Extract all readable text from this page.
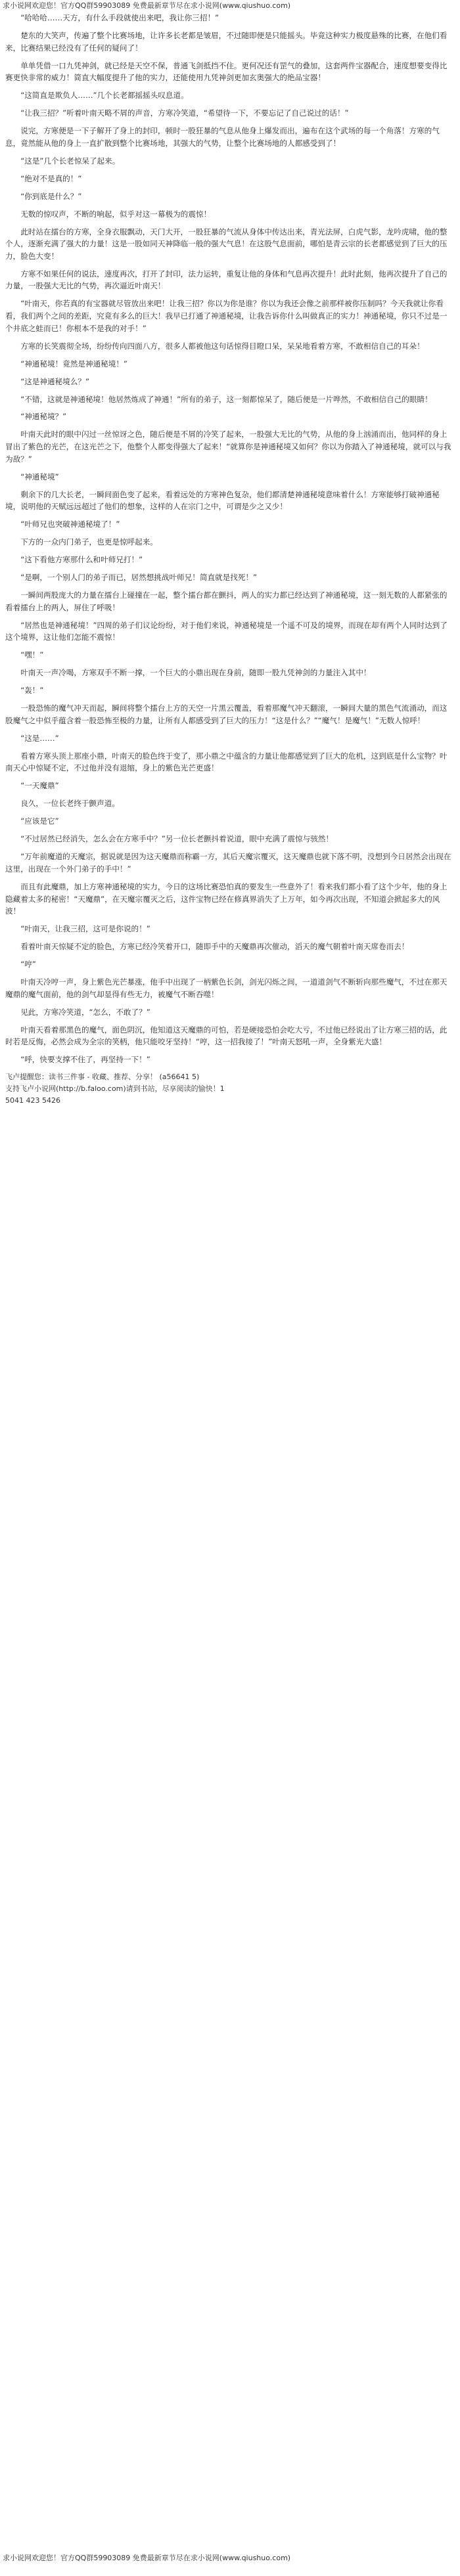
求小说网欢迎您！官方QQ群59903089 免费最新章节尽在求小说网(www.qiushuo.com)

“哈哈哈……天方，有什么手段就使出来吧，我让你三招！”

楚东的大笑声，传遍了整个比赛场地，让许多长老都是皱眉，不过随即便是只能摇头。毕竟这种实力极度悬殊的比赛，在他们看来，比赛结果已经没有了任何的疑问了！

单单凭借一口九凭神剑，就已经是天空不保，普通飞剑抵挡不住。更何况还有罡气的叠加，这套两件宝器配合，速度想要变得比赛更快非常的威力！简直大幅度提升了他的实力，还能使用九凭神剑更加玄奥强大的绝品宝器！

“这简直是欺负人……”几个长老都摇摇头叹息道。

“让我三招？”听着叶南天略不屑的声音，方寒冷笑道，“希望待一下，不要忘记了自己说过的话！”

说完，方寒便是一下子解开了身上的封印，顿时一股狂暴的气息从他身上爆发而出，遍布在这个武场的每一个角落！方寒的气息，竟然能从他的身上一直扩散到整个比赛场地，其强大的气势，让整个比赛场地的人都感受到了！

“这是”几个长老惊呆了起来。

“绝对不是真的！”

“你到底是什么？”

无数的惊叹声，不断的响起，似乎对这一幕极为的震惊！

此时站在擂台的方寒，全身衣服飘动，天门大开，一股狂暴的气流从身体中传达出来，青光法屏，白虎气影，龙吟虎啸，他的整个人，逐渐充满了强大的力量！这是一股如同天神降临一般的强大气息！在这股气息面前，哪怕是青云宗的长老都感觉到了巨大的压力，脸色大变！

方寒不如果任何的说法，速度再次，打开了封印，法力运转，重复让他的身体和气息再次提升！此时此刻，他再次提升了自己的力量，一股强大无比的气势，再次逼近叶南天！

“叶南天，你若真的有宝器就尽管放出来吧！让我三招？你以为你是谁？你以为我还会像之前那样被你压制吗？今天我就让你看看，我们两个之间的差距，究竟有多么的巨大！我早已打通了神通秘境，让我告诉你什么叫做真正的实力！神通秘境，你只不过是一个井底之蛙而已！你根本不是我的对手！”

方寒的长笑震彻全场，纷纷传向四面八方，很多人都被他这句话惊得目瞪口呆，呆呆地看着方寒，不敢相信自己的耳朵！

“神通秘境！竟然是神通秘境！”

“这是神通秘境么？”

“不错，这就是神通秘境！他居然炼成了神通！”所有的弟子，这一刻都惊呆了，随后便是一片哗然，不敢相信自己的眼睛！

“神通秘境？”

叶南天此时的眼中闪过一丝惊讶之色，随后便是不屑的冷笑了起来，一股强大无比的气势，从他的身上汹涌而出，他同样的身上冒出了紫色的光芒，在这光芒之下，他整个人都变得强大了起来！“就算你是神通秘境又如何？你以为你踏入了神通秘境，就可以与我为敌？”

“神通秘境”

剩余下的几大长老，一瞬间面色变了起来，看着远处的方寒神色复杂，他们都清楚神通秘境意味着什么！方寒能够打破神通秘境，说明他的天赋远远超过了他们的想象，这样的人在宗门之中，可谓是少之又少！

“叶师兄也突破神通秘境了！”

下方的一众内门弟子，也更是惊呼起来。

“这下看他方寒那什么和叶师兄打！”

“是啊，一个别人门的弟子而已，居然想挑战叶师兄！简直就是找死！”

一瞬间两股庞大的力量在擂台上碰撞在一起，整个擂台都在颤抖，两人的实力都已经达到了神通秘境，这一刻无数的人都紧张的看着擂台上的两人，屏住了呼吸！

“居然也是神通秘境！”四周的弟子们议论纷纷，对于他们来说，神通秘境是一个遥不可及的境界，而现在却有两个人同时达到了这个境界，这让他们怎能不震惊！

“嘿！”

叶南天一声冷喝，方寒双手不断一撑，一个巨大的小鼎出现在身前，随即一股九凭神剑的力量注入其中！

“轰！”

一股恐怖的魔气冲天而起，瞬间将整个擂台上方的天空一片黑云覆盖，看着那魔气冲天翻滚，一瞬间大量的黑色气流涌动，而这股魔气之中似乎蕴含着一股恐怖至极的力量，让所有人都感受到了巨大的压力！“这是什么？”“魔气！是魔气！”无数人惊呼！

“这是……”

看着方寒头顶上那座小鼎，叶南天的脸色终于变了，那小鼎之中蕴含的力量让他都感觉到了巨大的危机，这到底是什么宝物？叶南天心中惊疑不定，不过他并没有退缩，身上的紫色光芒更盛！

“一天魔鼎”

良久，一位长老终于颤声道。

“应该是它”

“不过居然已经消失，怎么会在方寒手中？”另一位长老颤抖着说道，眼中充满了震惊与骇然！

“万年前魔道的天魔宗，据说就是因为这天魔鼎而称霸一方，其后天魔宗覆灭，这天魔鼎也就下落不明，没想到今日居然会出现在这里，出现在一个外门弟子的手中！”

而且有此魔鼎，加上方寒神通秘境的实力，今日的这场比赛恐怕真的要发生一些意外了！看来我们都小看了这个少年，他的身上隐藏着太多的秘密！“天魔鼎”，在天魔宗覆灭之后，这件宝物已经在修真界消失了上万年，如今再次出现，不知道会掀起多大的风波！

“叶南天，让我三招，这可是你说的！”

看着叶南天惊疑不定的脸色，方寒已经冷笑着开口，随即手中的天魔鼎再次催动，滔天的魔气朝着叶南天席卷而去！

“哼”

叶南天冷哼一声，身上紫色光芒暴涨，他手中出现了一柄紫色长剑，剑光闪烁之间，一道道剑气不断斩向那些魔气，不过在那天魔鼎的魔气面前，他的剑气却显得有些无力，被魔气不断吞噬！

见此，方寒冷笑道，“怎么，不敢了？”

叶南天看着那黑色的魔气，面色阴沉，他知道这天魔鼎的可怕，若是硬接恐怕会吃大亏，不过他已经说出了让方寒三招的话，此时若是反悔，必然会成为全宗的笑柄，他只能咬牙坚持！“哼，这一招我接了！”叶南天怒吼一声，全身紫光大盛！

“呼，快要支撑不住了，再坚持一下！”

飞卢提醒您：读书三件事 - 收藏、推荐、分享！ (a56641 5)
支持飞卢小说网(http://b.faloo.com)请到书站，尽享阅读的愉快！1
5041 423 5426
求小说网欢迎您！官方QQ群59903089 免费最新章节尽在求小说网(www.qiushuo.com)
